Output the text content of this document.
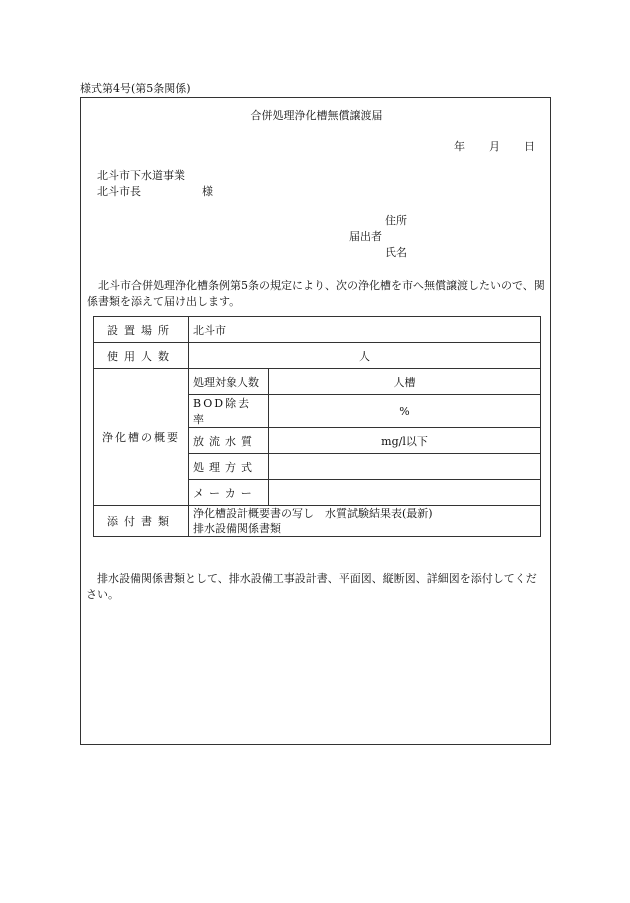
様式第4号(第5条関係)
合併処理浄化槽無償譲渡届
年 月 日
北斗市下水道事業
北斗市長	様
住所
届出者
氏名
北斗市合併処理浄化槽条例第5条の規定により、次の浄化槽を市へ無償譲渡したいので、関係書類を添えて届け出します。
設置場所	北斗市	
使用人数	人	
浄化槽の概要	処理対象人数	人槽
	BOD除去率	%
	放流水質	mg/l以下
	処理方式	
	メーカー	
添付書類	浄化槽設計概要書の写し　水質試験結果表(最新)
排水設備関係書類	
排水設備関係書類として、排水設備工事設計書、平面図、縦断図、詳細図を添付してください。
